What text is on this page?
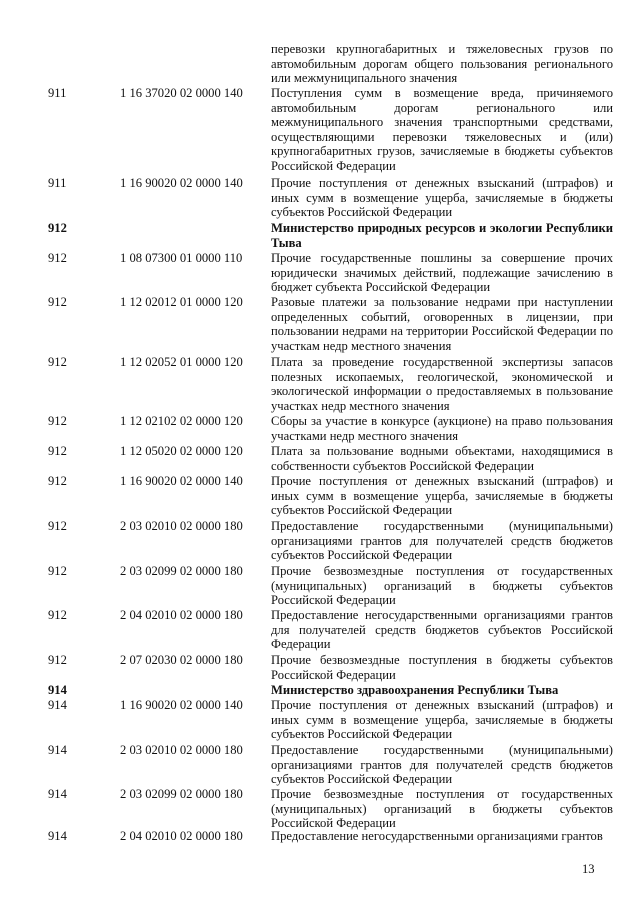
перевозки крупногабаритных и тяжеловесных грузов по автомобильным дорогам общего пользования регионального или межмуниципального значения
911	1 16 37020 02 0000 140	Поступления сумм в возмещение вреда, причиняемого автомобильным дорогам регионального или межмуниципального значения транспортными средствами, осуществляющими перевозки тяжеловесных и (или) крупногабаритных грузов, зачисляемые в бюджеты субъектов Российской Федерации
911	1 16 90020 02 0000 140	Прочие поступления от денежных взысканий (штрафов) и иных сумм в возмещение ущерба, зачисляемые в бюджеты субъектов Российской Федерации
912	Министерство природных ресурсов и экологии Республики Тыва
912	1 08 07300 01 0000 110	Прочие государственные пошлины за совершение прочих юридически значимых действий, подлежащие зачислению в бюджет субъекта Российской Федерации
912	1 12 02012 01 0000 120	Разовые платежи за пользование недрами при наступлении определенных событий, оговоренных в лицензии, при пользовании недрами на территории Российской Федерации по участкам недр местного значения
912	1 12 02052 01 0000 120	Плата за проведение государственной экспертизы запасов полезных ископаемых, геологической, экономической и экологической информации о предоставляемых в пользование участках недр местного значения
912	1 12 02102 02 0000 120	Сборы за участие в конкурсе (аукционе) на право пользования участками недр местного значения
912	1 12 05020 02 0000 120	Плата за пользование водными объектами, находящимися в собственности субъектов Российской Федерации
912	1 16 90020 02 0000 140	Прочие поступления от денежных взысканий (штрафов) и иных сумм в возмещение ущерба, зачисляемые в бюджеты субъектов Российской Федерации
912	2 03 02010 02 0000 180	Предоставление государственными (муниципальными) организациями грантов для получателей средств бюджетов субъектов Российской Федерации
912	2 03 02099 02 0000 180	Прочие безвозмездные поступления от государственных (муниципальных) организаций в бюджеты субъектов Российской Федерации
912	2 04 02010 02 0000 180	Предоставление негосударственными организациями грантов для получателей средств бюджетов субъектов Российской Федерации
912	2 07 02030 02 0000 180	Прочие безвозмездные поступления в бюджеты субъектов Российской Федерации
914	Министерство здравоохранения Республики Тыва
914	1 16 90020 02 0000 140	Прочие поступления от денежных взысканий (штрафов) и иных сумм в возмещение ущерба, зачисляемые в бюджеты субъектов Российской Федерации
914	2 03 02010 02 0000 180	Предоставление государственными (муниципальными) организациями грантов для получателей средств бюджетов субъектов Российской Федерации
914	2 03 02099 02 0000 180	Прочие безвозмездные поступления от государственных (муниципальных) организаций в бюджеты субъектов Российской Федерации
914	2 04 02010 02 0000 180	Предоставление негосударственными организациями грантов
13
